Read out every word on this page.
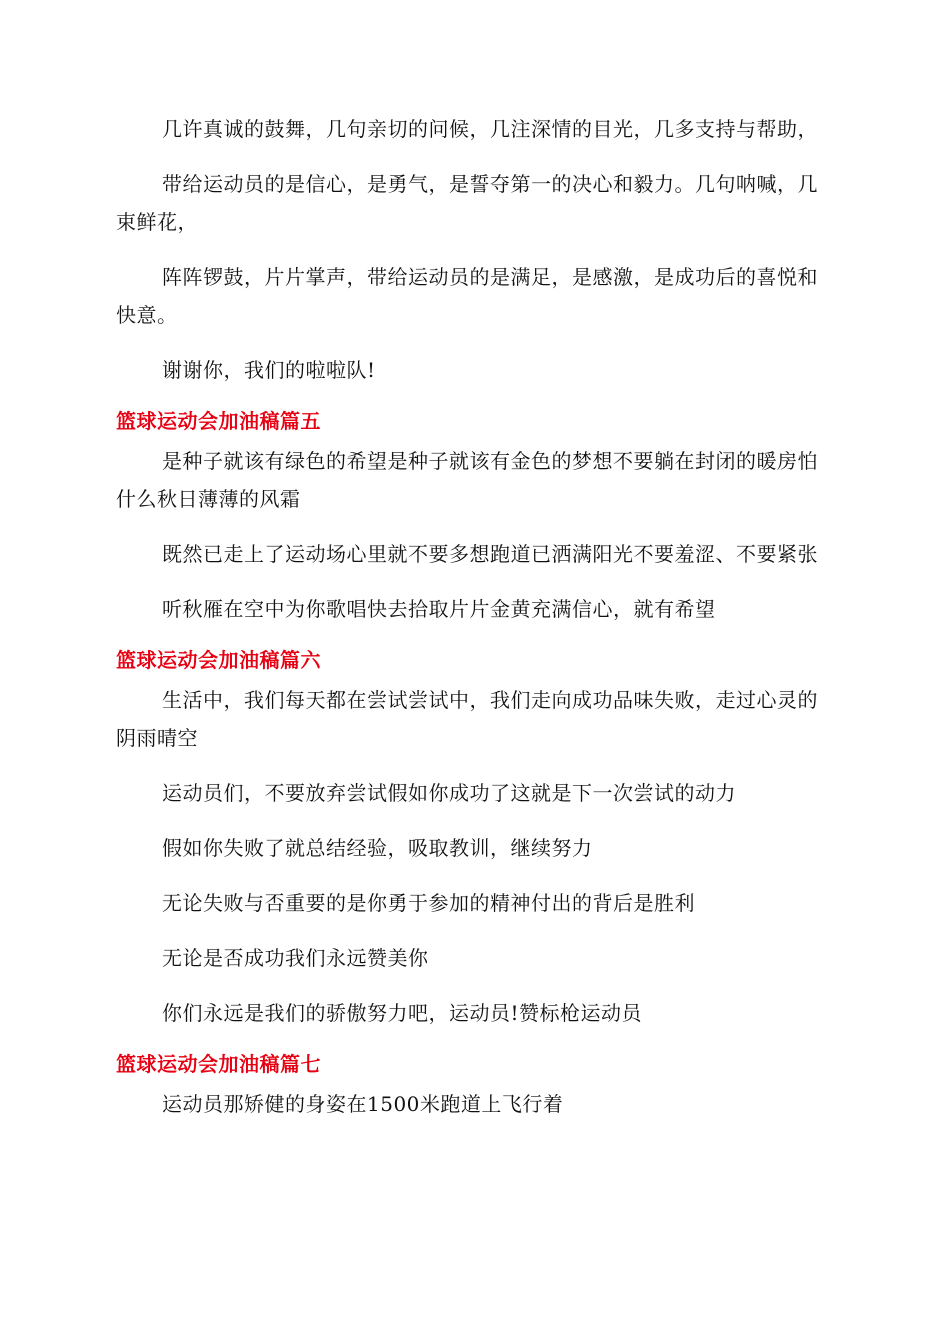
几许真诚的鼓舞，几句亲切的问候，几注深情的目光，几多支持与帮助，

带给运动员的是信心，是勇气，是誓夺第一的决心和毅力。几句呐喊，几束鲜花，

阵阵锣鼓，片片掌声，带给运动员的是满足，是感激，是成功后的喜悦和快意。

谢谢你，我们的啦啦队!

篮球运动会加油稿篇五

是种子就该有绿色的希望是种子就该有金色的梦想不要躺在封闭的暖房怕什么秋日薄薄的风霜

既然已走上了运动场心里就不要多想跑道已洒满阳光不要羞涩、不要紧张

听秋雁在空中为你歌唱快去拾取片片金黄充满信心，就有希望

篮球运动会加油稿篇六

生活中，我们每天都在尝试尝试中，我们走向成功品味失败，走过心灵的阴雨晴空

运动员们，不要放弃尝试假如你成功了这就是下一次尝试的动力

假如你失败了就总结经验，吸取教训，继续努力

无论失败与否重要的是你勇于参加的精神付出的背后是胜利

无论是否成功我们永远赞美你

你们永远是我们的骄傲努力吧，运动员!赞标枪运动员

篮球运动会加油稿篇七

运动员那矫健的身姿在1500米跑道上飞行着
